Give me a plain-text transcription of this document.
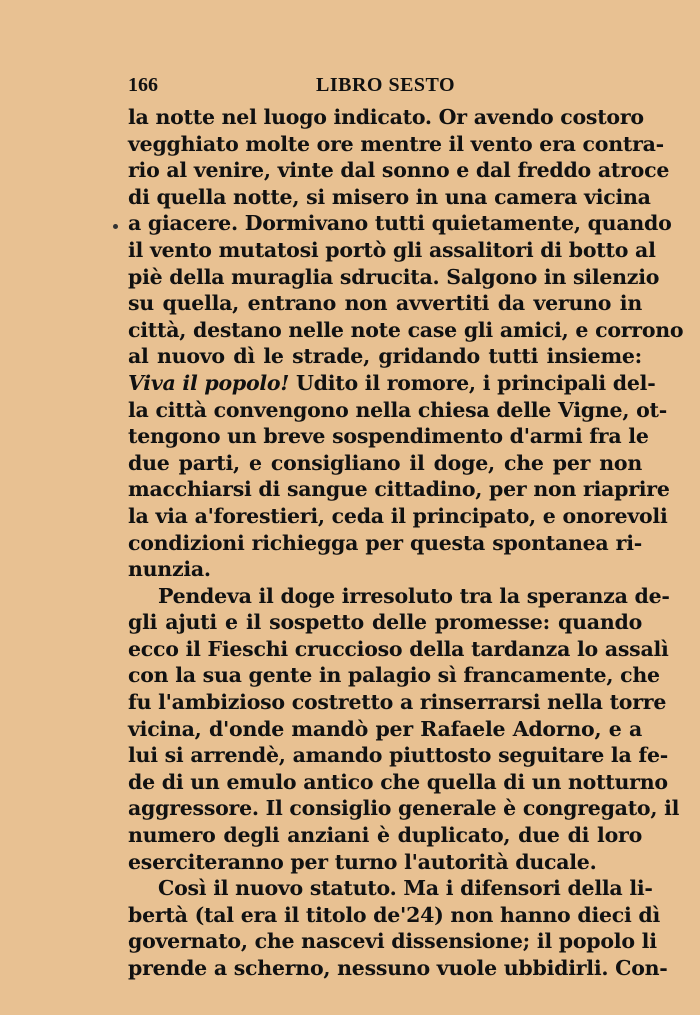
166	LIBRO SESTO
la notte nel luogo indicato. Or avendo costoro
vegghiato molte ore mentre il vento era contra-
rio al venire, vinte dal sonno e dal freddo atroce
di quella notte, si misero in una camera vicina
a giacere. Dormivano tutti quietamente, quando
il vento mutatosi portò gli assalitori di botto al
piè della muraglia sdrucita. Salgono in silenzio
su quella, entrano non avvertiti da veruno in
città, destano nelle note case gli amici, e corrono
al nuovo dì le strade, gridando tutti insieme:
Viva il popolo! Udito il romore, i principali del-
la città convengono nella chiesa delle Vigne, ot-
tengono un breve sospendimento d'armi fra le
due parti, e consigliano il doge, che per non
macchiarsi di sangue cittadino, per non riaprire
la via a'forestieri, ceda il principato, e onorevoli
condizioni richiegga per questa spontanea ri-
nunzia.
Pendeva il doge irresoluto tra la speranza de-
gli ajuti e il sospetto delle promesse: quando
ecco il Fieschi cruccioso della tardanza lo assalì
con la sua gente in palagio sì francamente, che
fu l'ambizioso costretto a rinserrarsi nella torre
vicina, d'onde mandò per Rafaele Adorno, e a
lui si arrendè, amando piuttosto seguitare la fe-
de di un emulo antico che quella di un notturno
aggressore. Il consiglio generale è congregato, il
numero degli anziani è duplicato, due di loro
eserciteranno per turno l'autorità ducale.
Così il nuovo statuto. Ma i difensori della li-
bertà (tal era il titolo de'24) non hanno dieci dì
governato, che nascevi dissensione; il popolo li
prende a scherno, nessuno vuole ubbidirli. Con-
